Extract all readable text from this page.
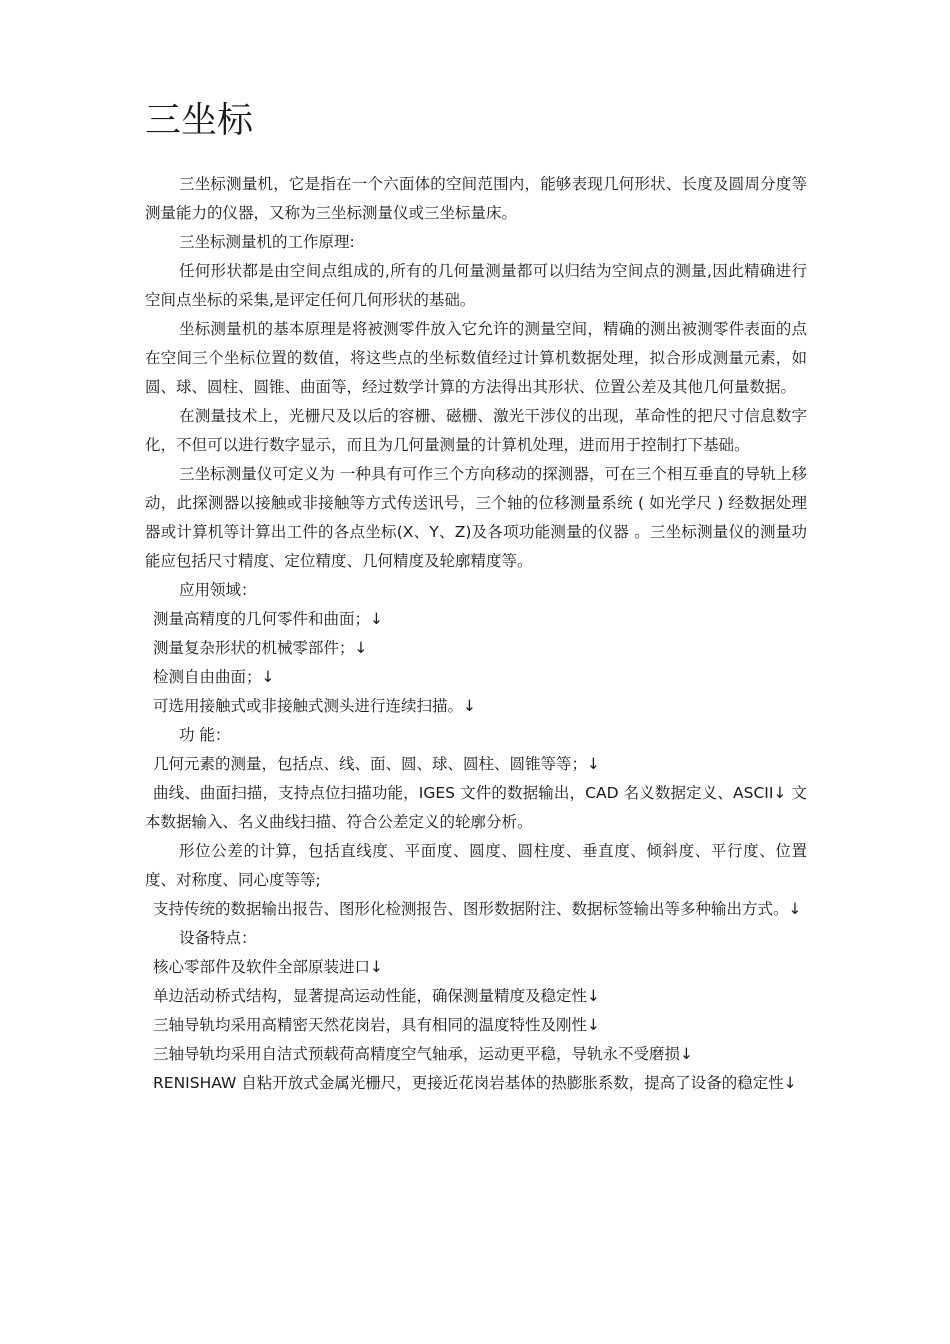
三坐标

三坐标测量机，它是指在一个六面体的空间范围内，能够表现几何形状、长度及圆周分度等测量能力的仪器，又称为三坐标测量仪或三坐标量床。

三坐标测量机的工作原理:

任何形状都是由空间点组成的,所有的几何量测量都可以归结为空间点的测量,因此精确进行空间点坐标的采集,是评定任何几何形状的基础。

坐标测量机的基本原理是将被测零件放入它允许的测量空间，精确的测出被测零件表面的点在空间三个坐标位置的数值，将这些点的坐标数值经过计算机数据处理，拟合形成测量元素，如圆、球、圆柱、圆锥、曲面等，经过数学计算的方法得出其形状、位置公差及其他几何量数据。

在测量技术上，光栅尺及以后的容栅、磁栅、激光干涉仪的出现，革命性的把尺寸信息数字化，不但可以进行数字显示，而且为几何量测量的计算机处理，进而用于控制打下基础。

三坐标测量仪可定义为 一种具有可作三个方向移动的探测器，可在三个相互垂直的导轨上移动，此探测器以接触或非接触等方式传送讯号，三个轴的位移测量系统 ( 如光学尺 ) 经数据处理器或计算机等计算出工件的各点坐标(X、Y、Z)及各项功能测量的仪器 。三坐标测量仪的测量功能应包括尺寸精度、定位精度、几何精度及轮廓精度等。

应用领域：

测量高精度的几何零件和曲面；↓

测量复杂形状的机械零部件；↓

检测自由曲面；↓

可选用接触式或非接触式测头进行连续扫描。↓

功 能：

几何元素的测量，包括点、线、面、圆、球、圆柱、圆锥等等；↓

曲线、曲面扫描，支持点位扫描功能，IGES 文件的数据输出，CAD 名义数据定义、ASCII↓ 文本数据输入、名义曲线扫描、符合公差定义的轮廓分析。

形位公差的计算，包括直线度、平面度、圆度、圆柱度、垂直度、倾斜度、平行度、位置度、对称度、同心度等等;

支持传统的数据输出报告、图形化检测报告、图形数据附注、数据标签输出等多种输出方式。↓

设备特点：

核心零部件及软件全部原装进口↓

单边活动桥式结构，显著提高运动性能，确保测量精度及稳定性↓

三轴导轨均采用高精密天然花岗岩，具有相同的温度特性及刚性↓

三轴导轨均采用自洁式预载荷高精度空气轴承，运动更平稳，导轨永不受磨损↓

RENISHAW 自粘开放式金属光栅尺，更接近花岗岩基体的热膨胀系数，提高了设备的稳定性↓
